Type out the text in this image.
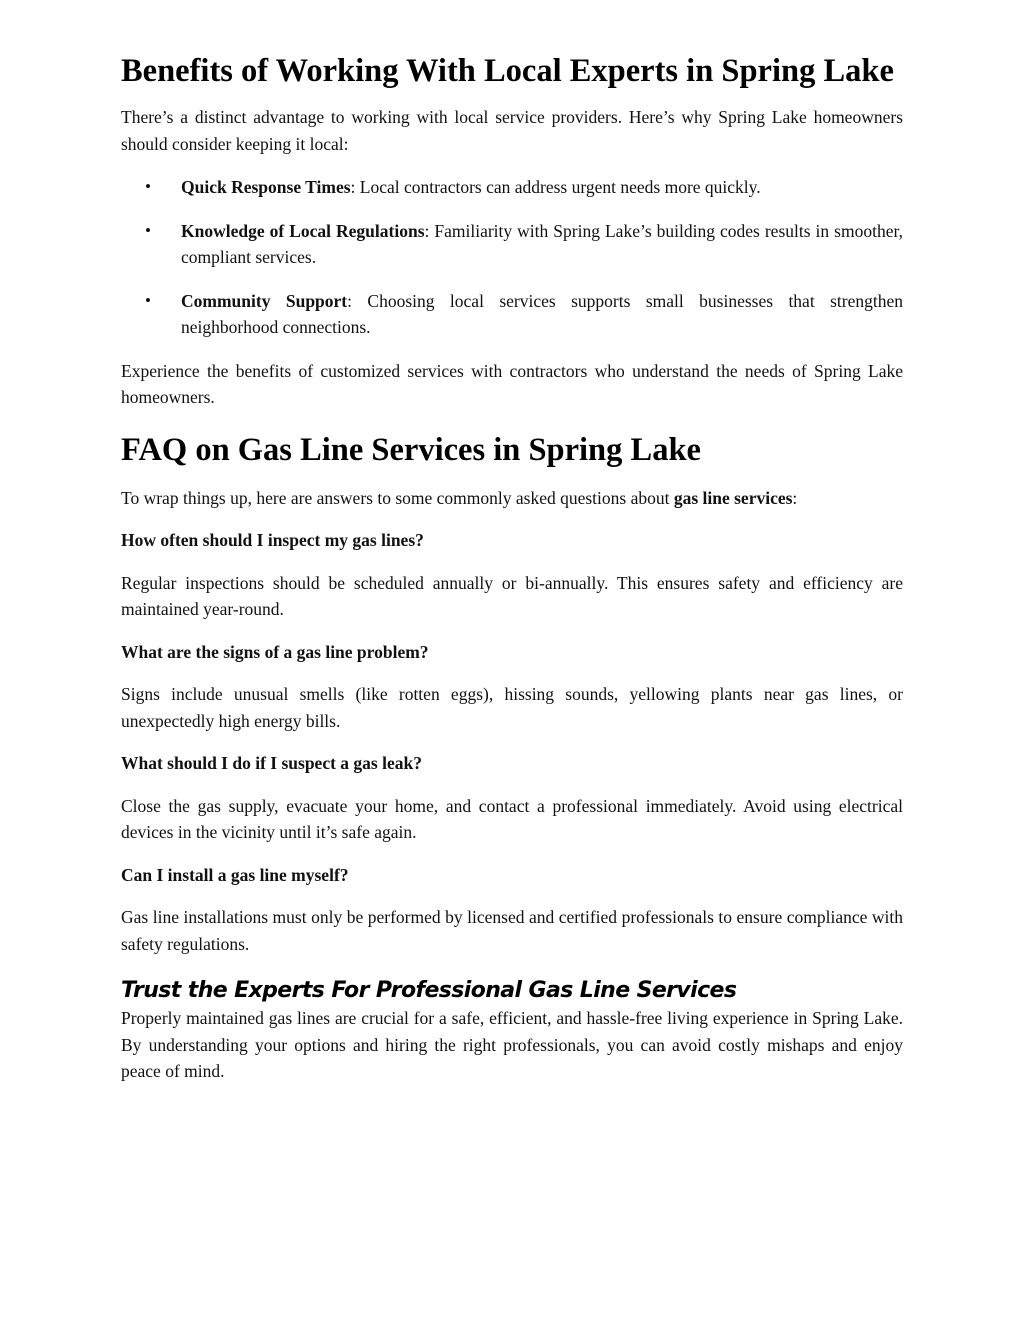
Benefits of Working With Local Experts in Spring Lake

There’s a distinct advantage to working with local service providers. Here’s why Spring Lake homeowners should consider keeping it local:

• Quick Response Times: Local contractors can address urgent needs more quickly.
• Knowledge of Local Regulations: Familiarity with Spring Lake’s building codes results in smoother, compliant services.
• Community Support: Choosing local services supports small businesses that strengthen neighborhood connections.

Experience the benefits of customized services with contractors who understand the needs of Spring Lake homeowners.

FAQ on Gas Line Services in Spring Lake

To wrap things up, here are answers to some commonly asked questions about gas line services:

How often should I inspect my gas lines?

Regular inspections should be scheduled annually or bi-annually. This ensures safety and efficiency are maintained year-round.

What are the signs of a gas line problem?

Signs include unusual smells (like rotten eggs), hissing sounds, yellowing plants near gas lines, or unexpectedly high energy bills.

What should I do if I suspect a gas leak?

Close the gas supply, evacuate your home, and contact a professional immediately. Avoid using electrical devices in the vicinity until it’s safe again.

Can I install a gas line myself?

Gas line installations must only be performed by licensed and certified professionals to ensure compliance with safety regulations.

Trust the Experts For Professional Gas Line Services

Properly maintained gas lines are crucial for a safe, efficient, and hassle-free living experience in Spring Lake. By understanding your options and hiring the right professionals, you can avoid costly mishaps and enjoy peace of mind.
